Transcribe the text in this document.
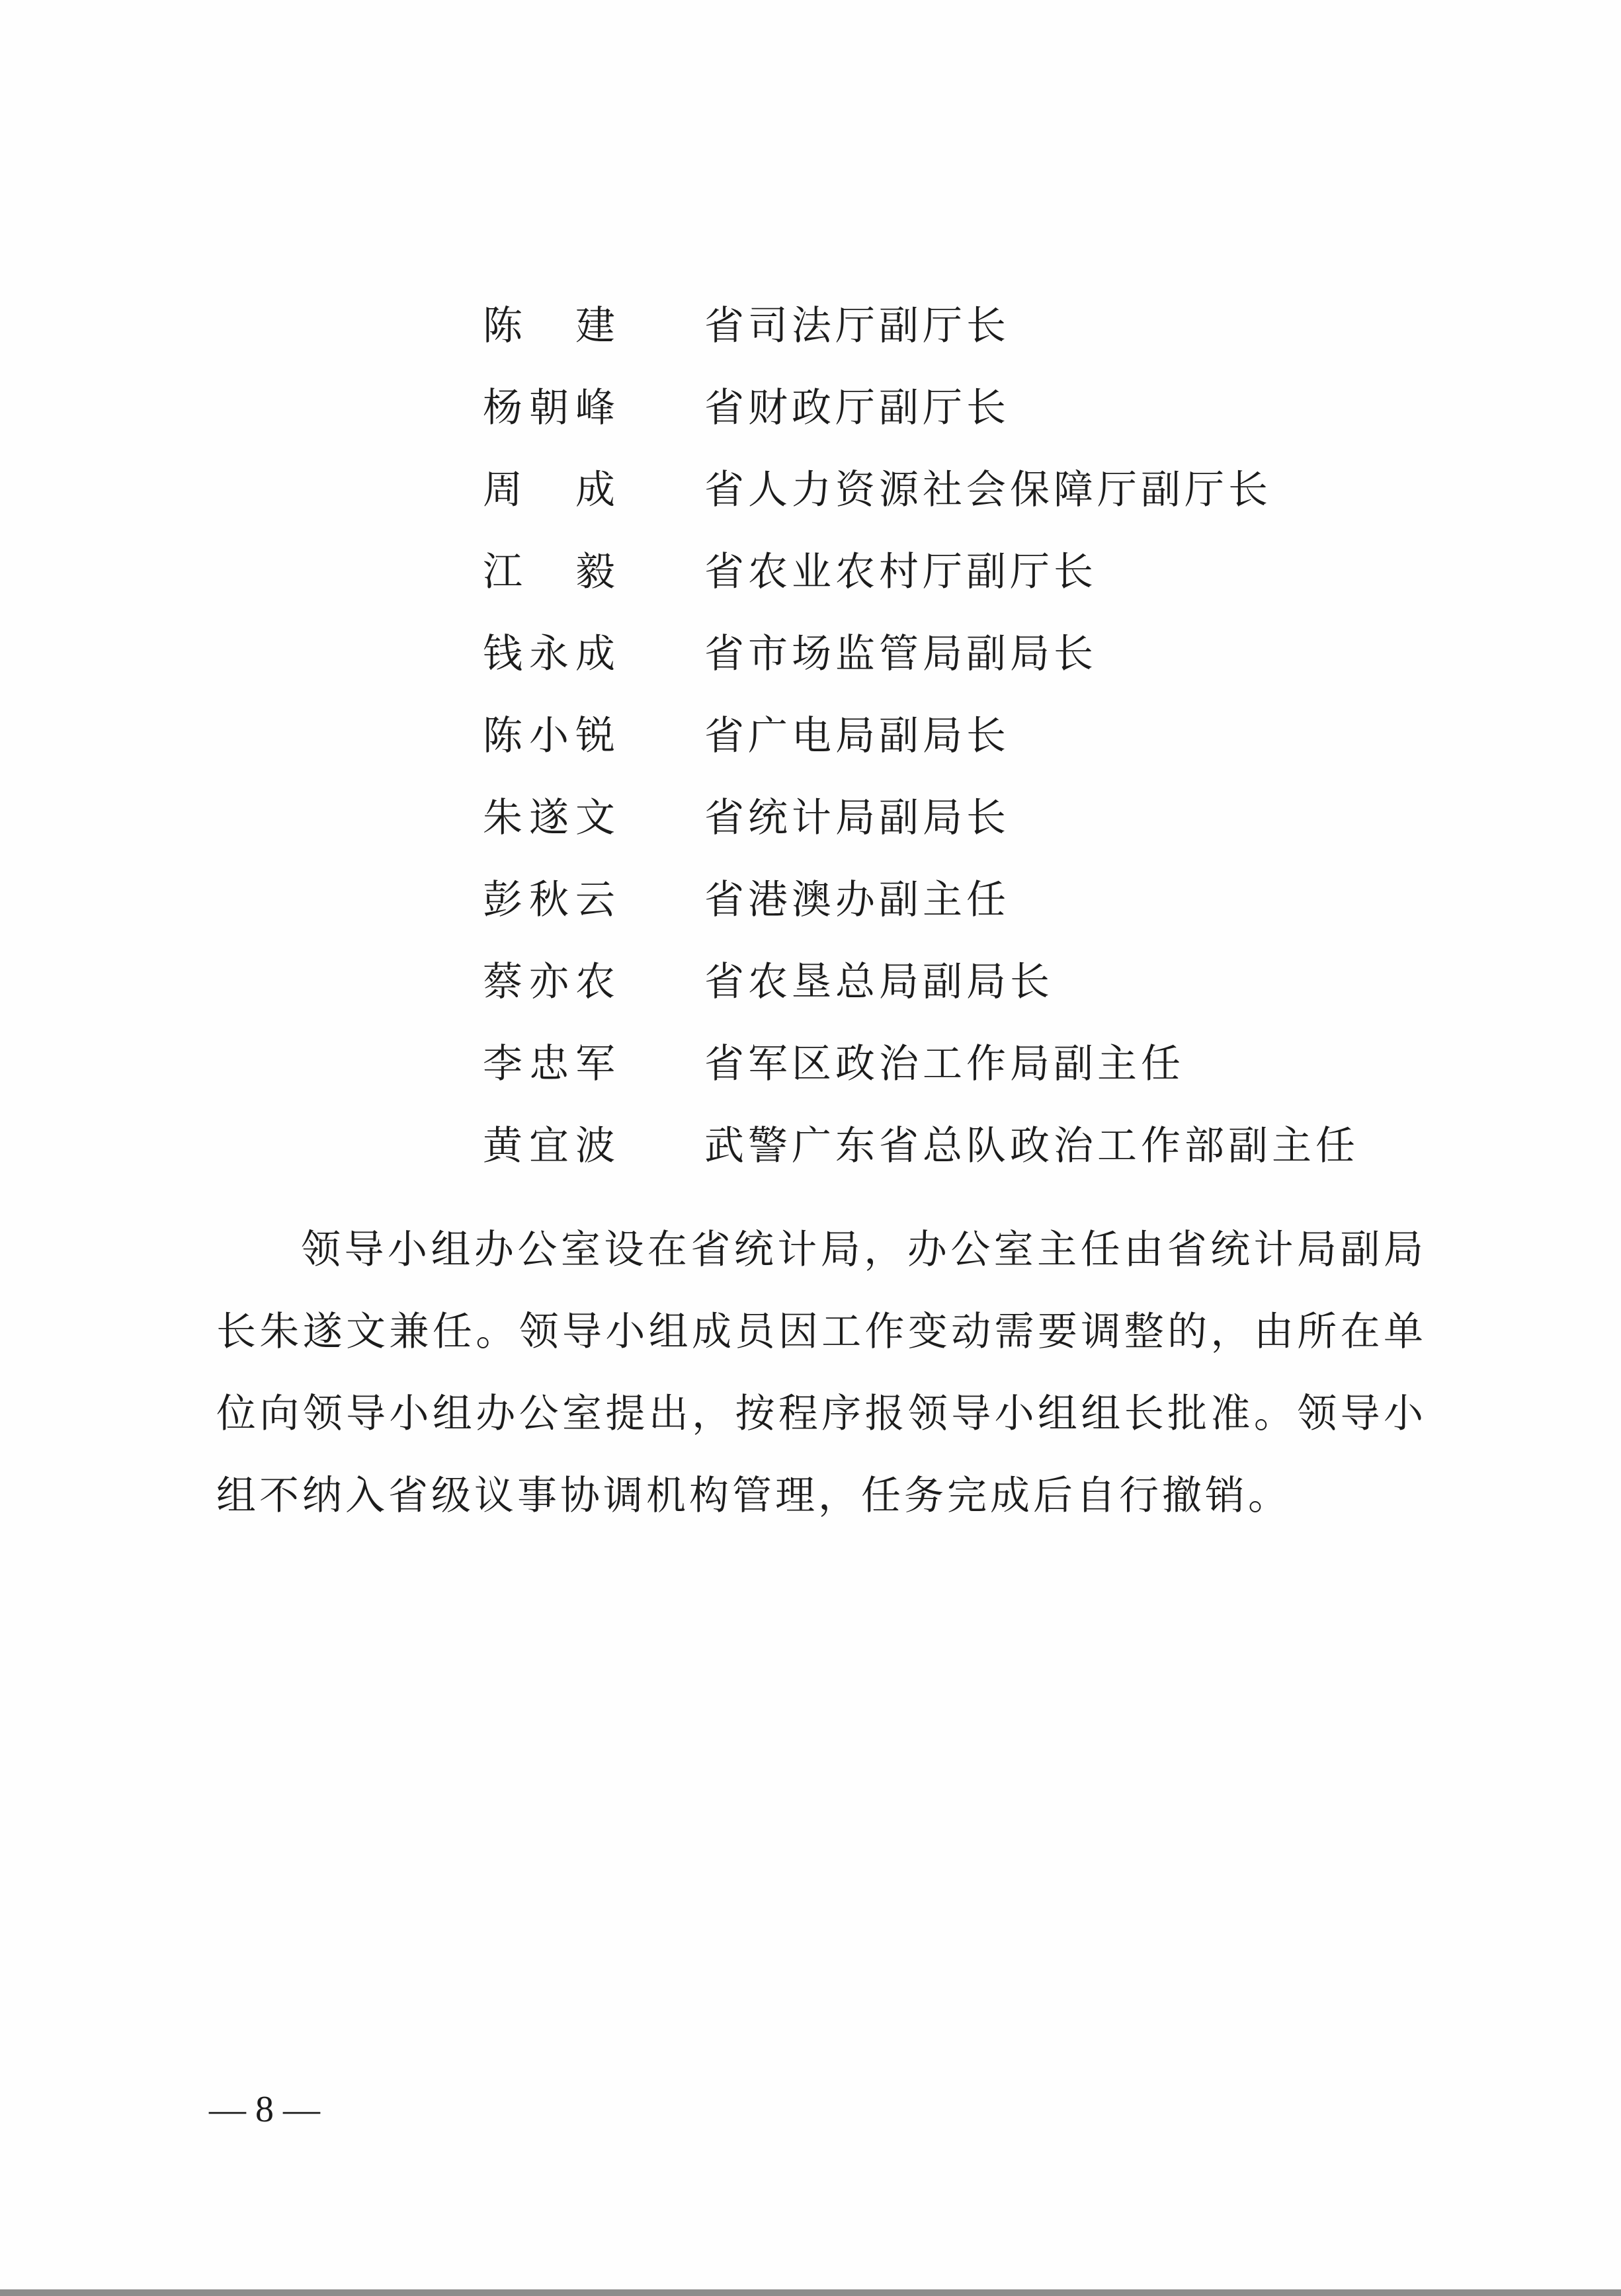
陈　建 省司法厅副厅长
杨朝峰 省财政厅副厅长
周　成 省人力资源社会保障厅副厅长
江　毅 省农业农村厅副厅长
钱永成 省市场监管局副局长
陈小锐 省广电局副局长
朱遂文 省统计局副局长
彭秋云 省港澳办副主任
蔡亦农 省农垦总局副局长
李忠军 省军区政治工作局副主任
黄宜波 武警广东省总队政治工作部副主任

领导小组办公室设在省统计局，办公室主任由省统计局副局长朱遂文兼任。领导小组成员因工作变动需要调整的，由所在单位向领导小组办公室提出，按程序报领导小组组长批准。领导小组不纳入省级议事协调机构管理，任务完成后自行撤销。

— 8 —
